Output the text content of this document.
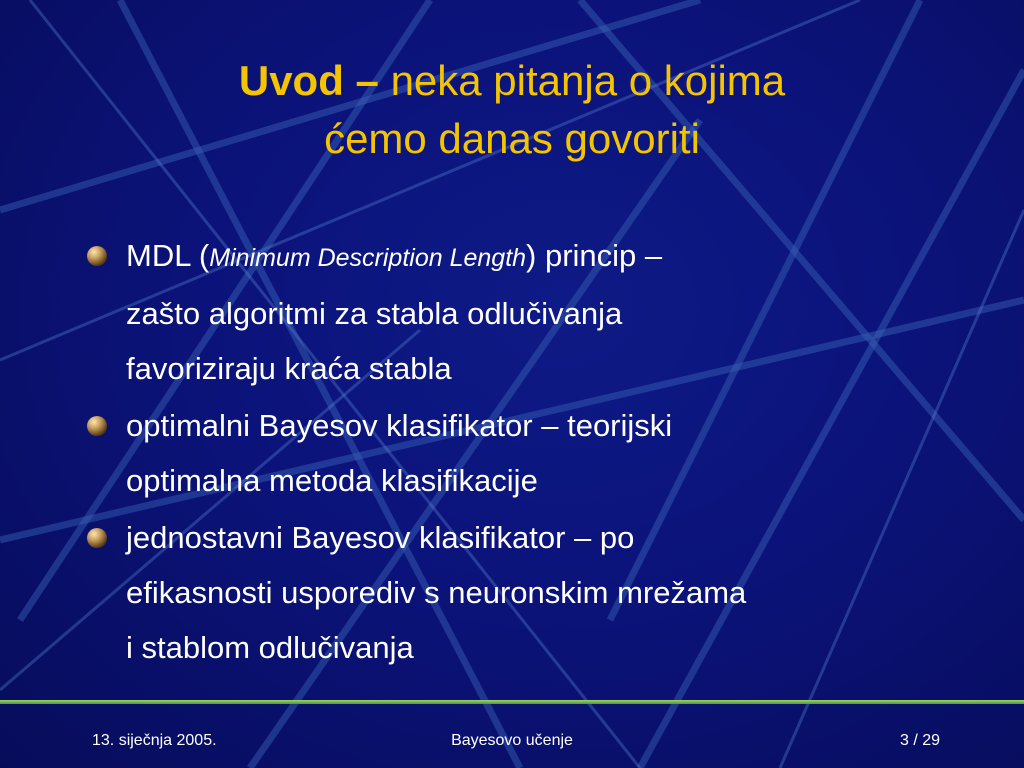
Uvod – neka pitanja o kojima
ćemo danas govoriti
MDL (Minimum Description Length) princip –
zašto algoritmi za stabla odlučivanja
favoriziraju kraća stabla
optimalni Bayesov klasifikator – teorijski
optimalna metoda klasifikacije
jednostavni Bayesov klasifikator – po
efikasnosti usporediv s neuronskim mrežama
i stablom odlučivanja
13. siječnja 2005.	Bayesovo učenje	3 / 29
